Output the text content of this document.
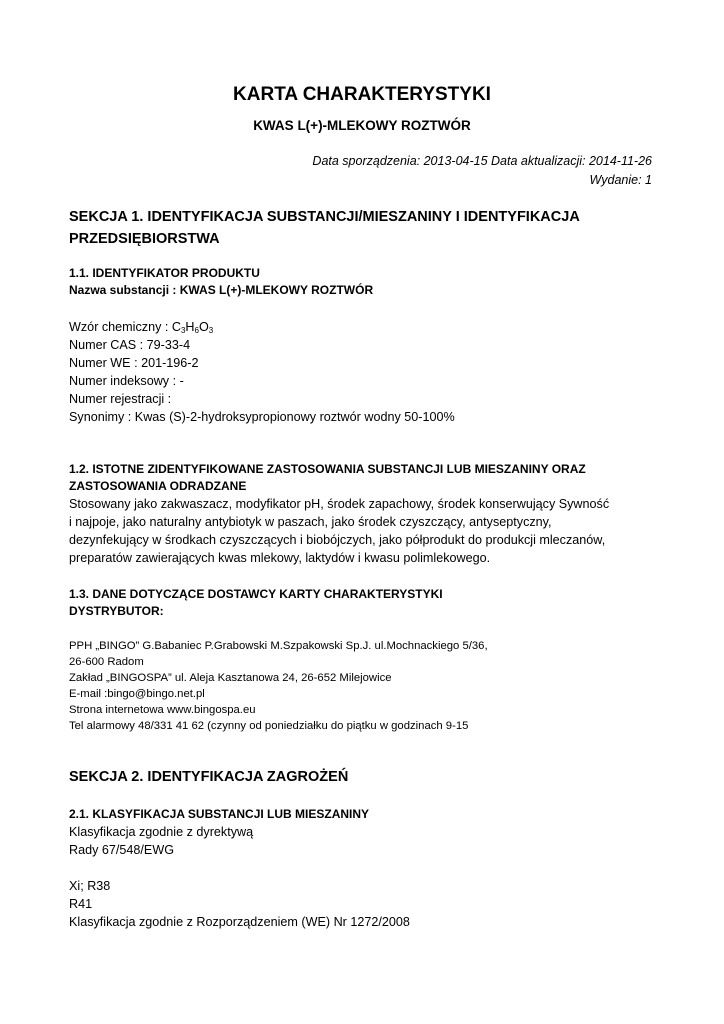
KARTA CHARAKTERYSTYKI
KWAS L(+)-MLEKOWY ROZTWÓR
Data sporządzenia: 2013-04-15 Data aktualizacji: 2014-11-26
Wydanie: 1

SEKCJA 1. IDENTYFIKACJA SUBSTANCJI/MIESZANINY I IDENTYFIKACJA

PRZEDSIĘBIORSTWA

1.1. IDENTYFIKATOR PRODUKTU

Nazwa substancji : KWAS L(+)-MLEKOWY ROZTWÓR

Wzór chemiczny : $C_3H_6O_3$

Numer CAS : 79-33-4

Numer WE : 201-196-2

Numer indeksowy : -

Numer rejestracji :

Synonimy : Kwas (S)-2-hydroksypropionowy roztwór wodny 50-100%

1.2. ISTOTNE ZIDENTYFIKOWANE ZASTOSOWANIA SUBSTANCJI LUB MIESZANINY ORAZ

ZASTOSOWANIA ODRADZANE

Stosowany jako zakwaszacz, modyfikator pH, środek zapachowy, środek konserwujący Sywność

i najpoje, jako naturalny antybiotyk w paszach, jako środek czyszczący, antyseptyczny,

dezynfekujący w środkach czyszczących i biobójczych, jako półprodukt do produkcji mleczanów,

preparatów zawierających kwas mlekowy, laktydów i kwasu polimlekowego.

1.3. DANE DOTYCZĄCE DOSTAWCY KARTY CHARAKTERYSTYKI

DYSTRYBUTOR:

PPH „BINGO” G.Babaniec P.Grabowski M.Szpakowski Sp.J. ul.Mochnackiego 5/36,

26-600 Radom

Zakład „BINGOSPA” ul. Aleja Kasztanowa 24, 26-652 Milejowice

E-mail :bingo@bingo.net.pl

Strona internetowa www.bingospa.eu

Tel alarmowy 48/331 41 62 (czynny od poniedziałku do piątku w godzinach 9-15

SEKCJA 2. IDENTYFIKACJA ZAGROŻEŃ

2.1. KLASYFIKACJA SUBSTANCJI LUB MIESZANINY

Klasyfikacja zgodnie z dyrektywą

Rady 67/548/EWG

Xi; R38

R41

Klasyfikacja zgodnie z Rozporządzeniem (WE) Nr 1272/2008
